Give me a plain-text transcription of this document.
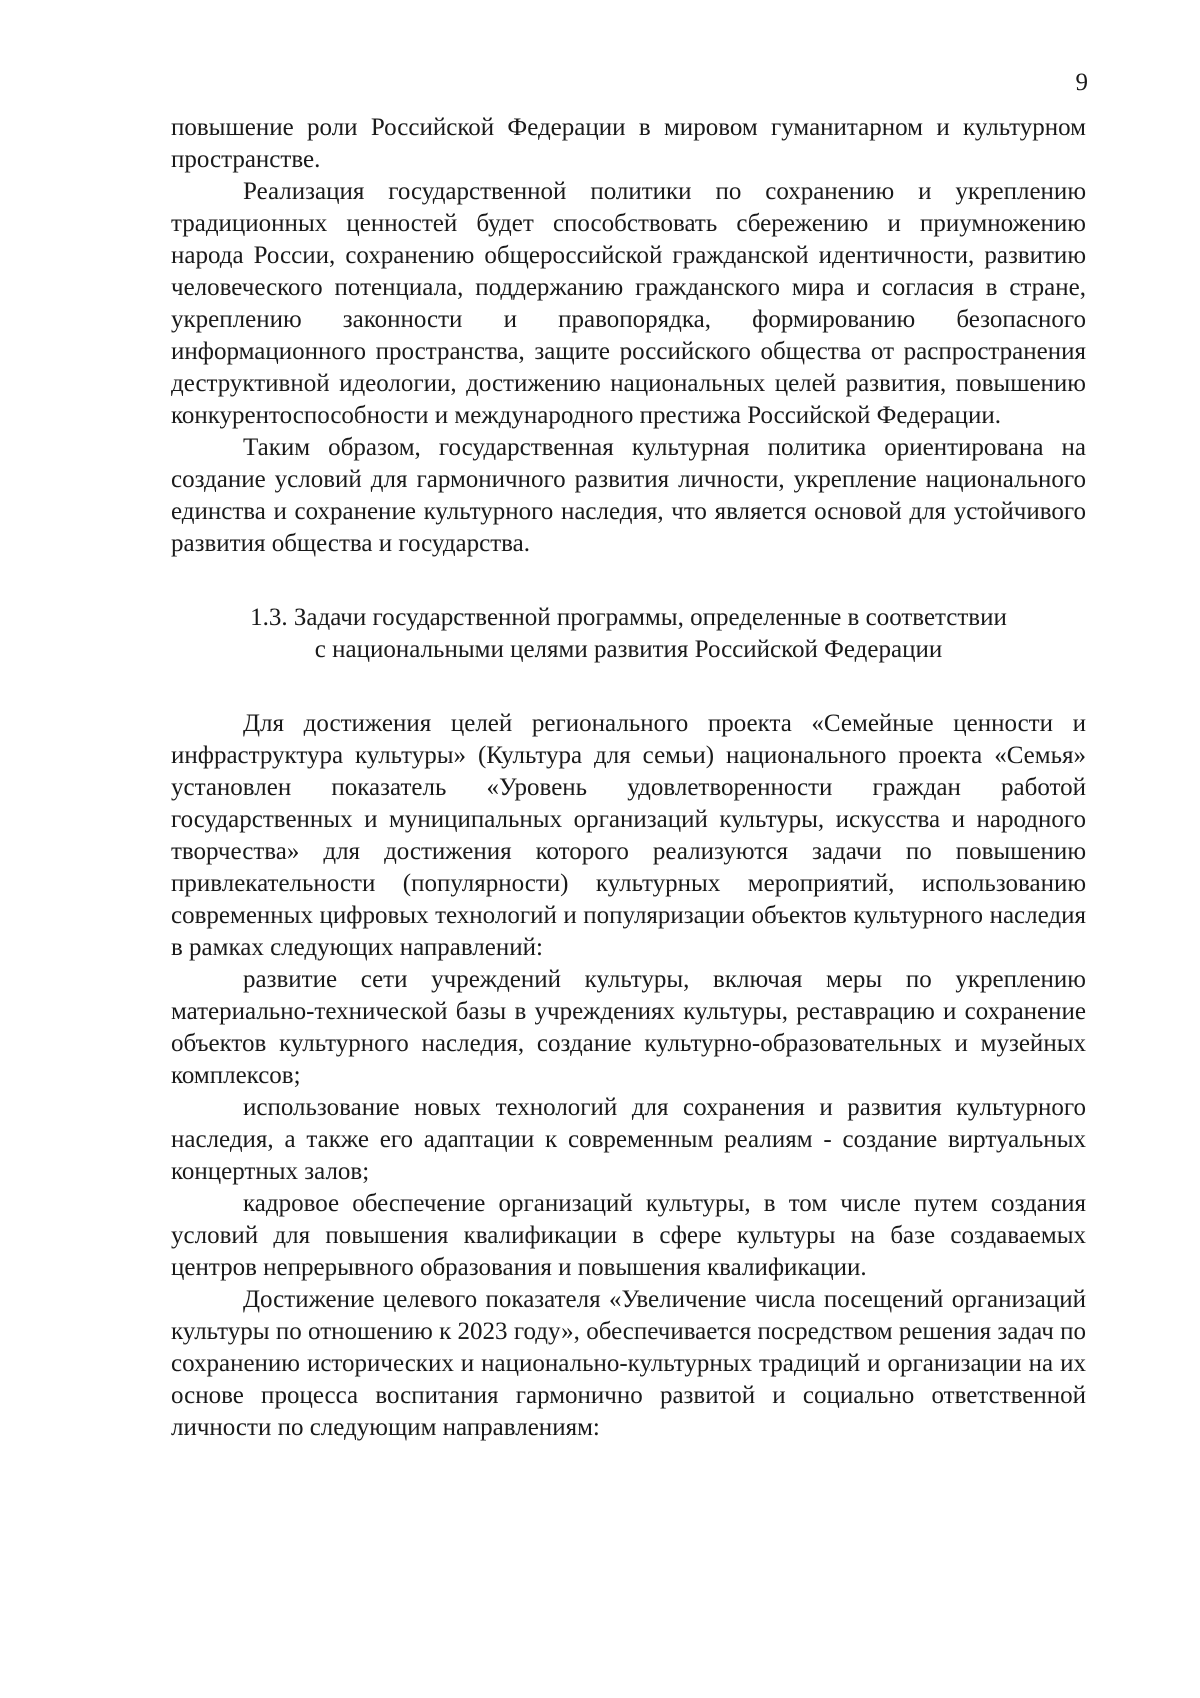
9

повышение роли Российской Федерации в мировом гуманитарном и культурном пространстве.

Реализация государственной политики по сохранению и укреплению традиционных ценностей будет способствовать сбережению и приумножению народа России, сохранению общероссийской гражданской идентичности, развитию человеческого потенциала, поддержанию гражданского мира и согласия в стране, укреплению законности и правопорядка, формированию безопасного информационного пространства, защите российского общества от распространения деструктивной идеологии, достижению национальных целей развития, повышению конкурентоспособности и международного престижа Российской Федерации.

Таким образом, государственная культурная политика ориентирована на создание условий для гармоничного развития личности, укрепление национального единства и сохранение культурного наследия, что является основой для устойчивого развития общества и государства.

1.3. Задачи государственной программы, определенные в соответствии
с национальными целями развития Российской Федерации

Для достижения целей регионального проекта «Семейные ценности и инфраструктура культуры» (Культура для семьи) национального проекта «Семья» установлен показатель «Уровень удовлетворенности граждан работой государственных и муниципальных организаций культуры, искусства и народного творчества» для достижения которого реализуются задачи по повышению привлекательности (популярности) культурных мероприятий, использованию современных цифровых технологий и популяризации объектов культурного наследия в рамках следующих направлений:

развитие сети учреждений культуры, включая меры по укреплению материально-технической базы в учреждениях культуры, реставрацию и сохранение объектов культурного наследия, создание культурно-образовательных и музейных комплексов;

использование новых технологий для сохранения и развития культурного наследия, а также его адаптации к современным реалиям - создание виртуальных концертных залов;

кадровое обеспечение организаций культуры, в том числе путем создания условий для повышения квалификации в сфере культуры на базе создаваемых центров непрерывного образования и повышения квалификации.

Достижение целевого показателя «Увеличение числа посещений организаций культуры по отношению к 2023 году», обеспечивается посредством решения задач по сохранению исторических и национально-культурных традиций и организации на их основе процесса воспитания гармонично развитой и социально ответственной личности по следующим направлениям:
